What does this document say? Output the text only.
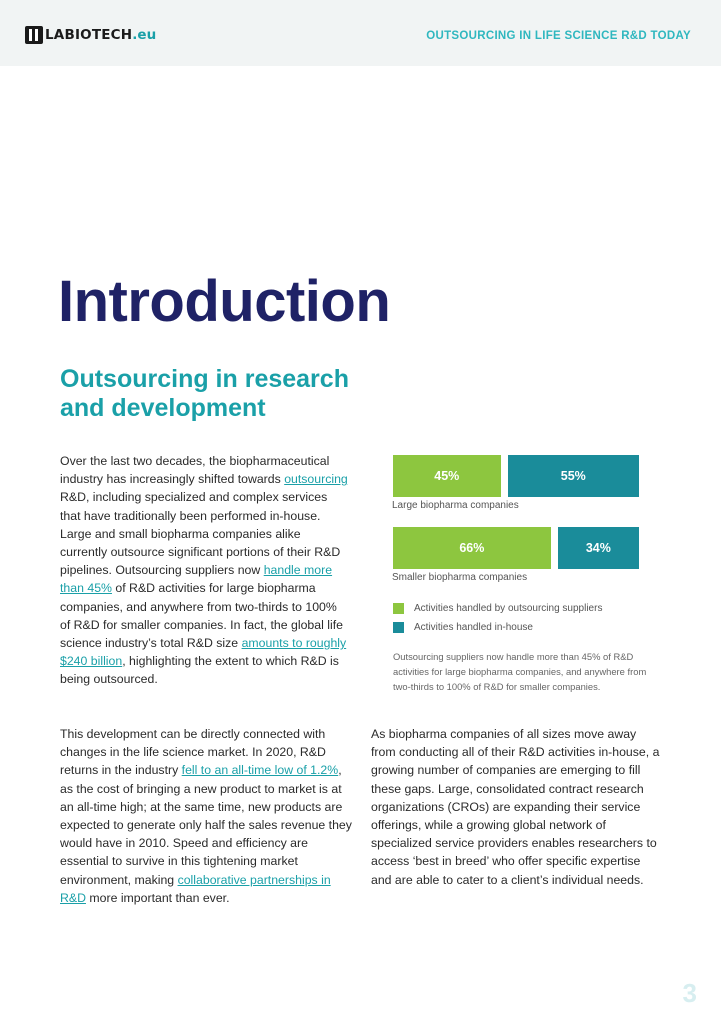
LABIOTECH .eu	OUTSOURCING IN LIFE SCIENCE R&D TODAY
Introduction
Outsourcing in research and development

Over the last two decades, the biopharmaceutical industry has increasingly shifted towards outsourcing R&D, including specialized and complex services that have traditionally been performed in-house. Large and small biopharma companies alike currently outsource significant portions of their R&D pipelines. Outsourcing suppliers now handle more than 45% of R&D activities for large biopharma companies, and anywhere from two-thirds to 100% of R&D for smaller companies. In fact, the global life science industry’s total R&D size amounts to roughly $240 billion, highlighting the extent to which R&D is being outsourced.

This development can be directly connected with changes in the life science market. In 2020, R&D returns in the industry fell to an all-time low of 1.2%, as the cost of bringing a new product to market is at an all-time high; at the same time, new products are expected to generate only half the sales revenue they would have in 2010. Speed and efficiency are essential to survive in this tightening market environment, making collaborative partnerships in R&D more important than ever.

As biopharma companies of all sizes move away from conducting all of their R&D activities in-house, a growing number of companies are emerging to fill these gaps. Large, consolidated contract research organizations (CROs) are expanding their service offerings, while a growing global network of specialized service providers enables researchers to access ‘best in breed’ who offer specific expertise and are able to cater to a client’s individual needs.

45%	55%
Large biopharma companies
66%	34%
Smaller biopharma companies
Activities handled by outsourcing suppliers
Activities handled in-house

Outsourcing suppliers now handle more than 45% of R&D activities for large biopharma companies, and anywhere from two-thirds to 100% of R&D for smaller companies.

3
